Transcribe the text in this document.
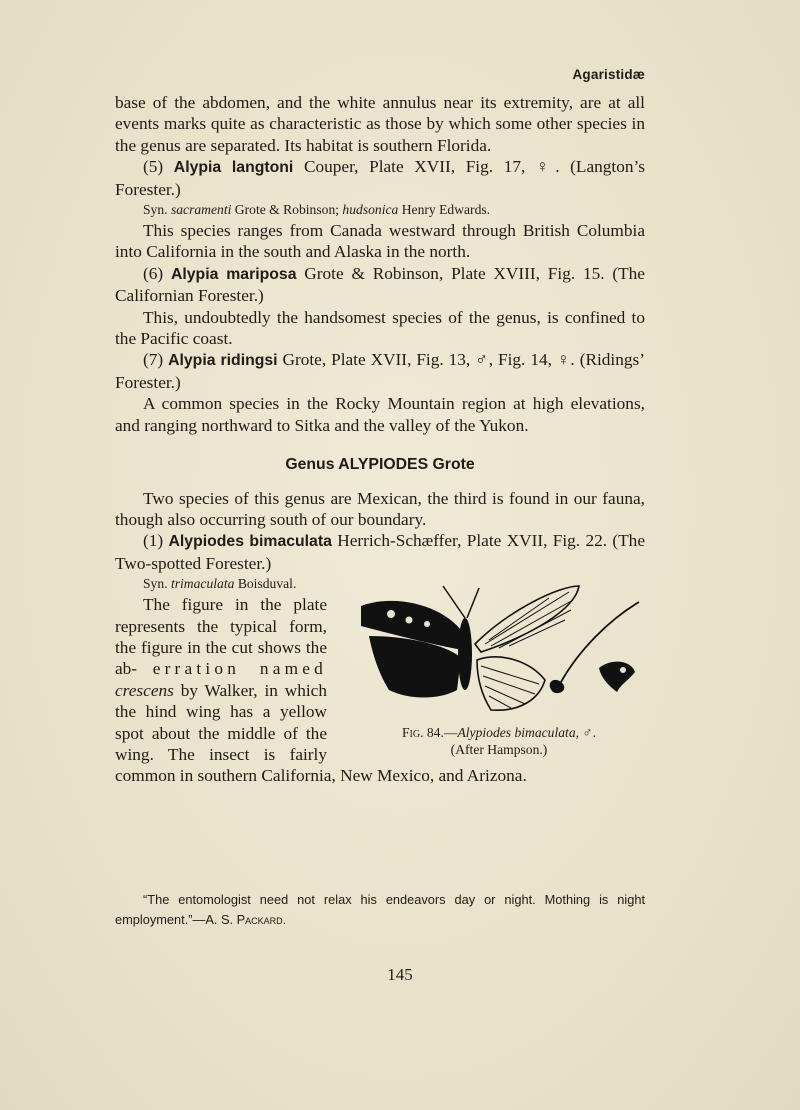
Agaristidæ

base of the abdomen, and the white annulus near its extremity, are at all events marks quite as characteristic as those by which some other species in the genus are separated. Its habitat is southern Florida.

(5) Alypia langtoni Couper, Plate XVII, Fig. 17, ♀. (Langton’s Forester.)

Syn. sacramenti Grote & Robinson; hudsonica Henry Edwards.

This species ranges from Canada westward through British Columbia into California in the south and Alaska in the north.

(6) Alypia mariposa Grote & Robinson, Plate XVIII, Fig. 15. (The Californian Forester.)

This, undoubtedly the handsomest species of the genus, is confined to the Pacific coast.

(7) Alypia ridingsi Grote, Plate XVII, Fig. 13, ♂, Fig. 14, ♀. (Ridings’ Forester.)

A common species in the Rocky Mountain region at high elevations, and ranging northward to Sitka and the valley of the Yukon.

Genus ALYPIODES Grote

Two species of this genus are Mexican, the third is found in our fauna, though also occurring south of our boundary.

(1) Alypiodes bimaculata Herrich-Schæffer, Plate XVII, Fig. 22. (The Two-spotted Forester.)

Fig. 84.—Alypiodes bimaculata, ♂.
(After Hampson.)

Syn. trimaculata Boisduval.

The figure in the plate represents the typical form, the figure in the cut shows the ab- erration named crescens by Walker, in which the hind wing has a yellow spot about the middle of the wing. The insect is fairly common in southern California, New Mexico, and Arizona.

“The entomologist need not relax his endeavors day or night. Mothing is night employment.”—A. S. Packard.
145
